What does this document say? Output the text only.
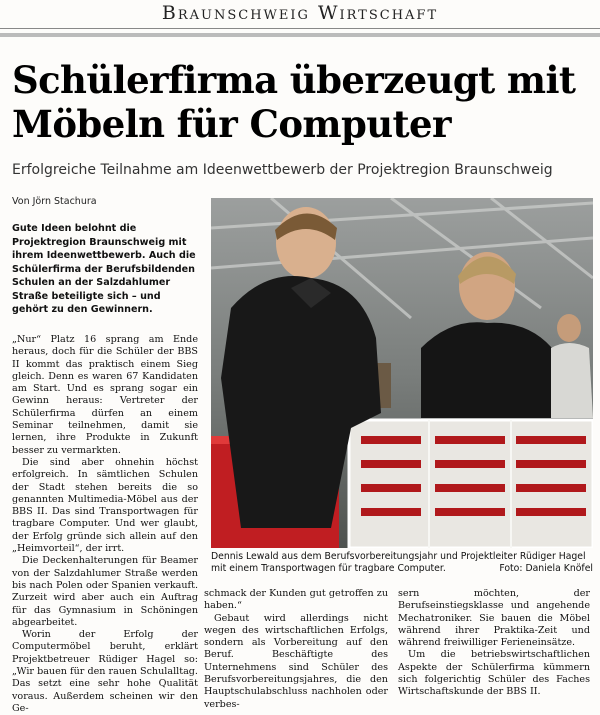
Braunschweig Wirtschaft
Schülerfirma überzeugt mit Möbeln für Computer
Erfolgreiche Teilnahme am Ideenwettbewerb der Projektregion Braunschweig
Von Jörn Stachura
Gute Ideen belohnt die Projektregion Braunschweig mit ihrem Ideenwettbewerb. Auch die Schülerfirma der Berufsbildenden Schulen an der Salzdahlumer Straße beteiligte sich – und gehört zu den Gewinnern.

„Nur“ Platz 16 sprang am Ende heraus, doch für die Schüler der BBS II kommt das praktisch einem Sieg gleich. Denn es waren 67 Kandidaten am Start. Und es sprang sogar ein Gewinn heraus: Vertreter der Schülerfirma dürfen an einem Seminar teilnehmen, damit sie lernen, ihre Produkte in Zukunft besser zu vermarkten.

Die sind aber ohnehin höchst erfolgreich. In sämtlichen Schulen der Stadt stehen bereits die so genannten Multimedia-Möbel aus der BBS II. Das sind Transportwagen für tragbare Computer. Und wer glaubt, der Erfolg gründe sich allein auf den „Heimvorteil“, der irrt.

Die Deckenhalterungen für Beamer von der Salzdahlumer Straße werden bis nach Polen oder Spanien verkauft. Zurzeit wird aber auch ein Auftrag für das Gymnasium in Schöningen abgearbeitet.

Worin der Erfolg der Computermöbel beruht, erklärt Projektbetreuer Rüdiger Hagel so: „Wir bauen für den rauen Schulalltag. Das setzt eine sehr hohe Qualität voraus. Außerdem scheinen wir den Ge-

Dennis Lewald aus dem Berufsvorbereitungsjahr und Projektleiter Rüdiger Hagel mit einem Transportwagen für tragbare Computer.	Foto: Daniela Knöfel

schmack der Kunden gut getroffen zu haben.“

Gebaut wird allerdings nicht wegen des wirtschaftlichen Erfolgs, sondern als Vorbereitung auf den Beruf. Beschäftigte des Unternehmens sind Schüler des Berufsvorbereitungsjahres, die den Hauptschulabschluss nachholen oder verbes-

sern möchten, der Berufseinstiegsklasse und angehende Mechatroniker. Sie bauen die Möbel während ihrer Praktika-Zeit und während freiwilliger Ferieneinsätze.

Um die betriebswirtschaftlichen Aspekte der Schülerfirma kümmern sich folgerichtig Schüler des Faches Wirtschaftskunde der BBS II.
